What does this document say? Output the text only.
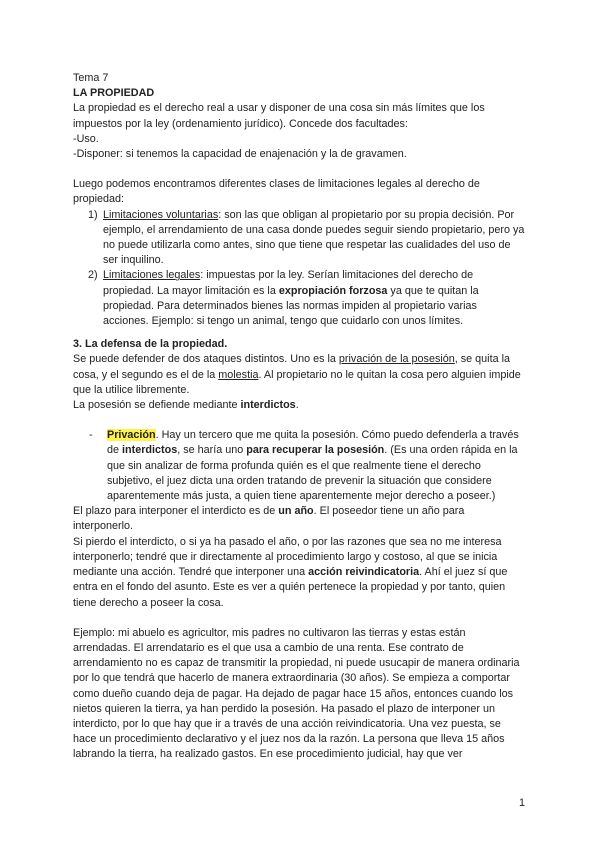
Tema 7

LA PROPIEDAD

La propiedad es el derecho real a usar y disponer de una cosa sin más límites que los impuestos por la ley (ordenamiento jurídico). Concede dos facultades:

-Uso.

-Disponer: si tenemos la capacidad de enajenación y la de gravamen.

Luego podemos encontramos diferentes clases de limitaciones legales al derecho de propiedad:

1) Limitaciones voluntarias: son las que obligan al propietario por su propia decisión. Por ejemplo, el arrendamiento de una casa donde puedes seguir siendo propietario, pero ya no puede utilizarla como antes, sino que tiene que respetar las cualidades del uso de ser inquilino.
2) Limitaciones legales: impuestas por la ley. Serían limitaciones del derecho de propiedad. La mayor limitación es la expropiación forzosa ya que te quitan la propiedad. Para determinados bienes las normas impiden al propietario varias acciones. Ejemplo: si tengo un animal, tengo que cuidarlo con unos límites.

3. La defensa de la propiedad.

Se puede defender de dos ataques distintos. Uno es la privación de la posesión, se quita la cosa, y el segundo es el de la molestia. Al propietario no le quitan la cosa pero alguien impide que la utilice libremente.

La posesión se defiende mediante interdictos.

- Privación. Hay un tercero que me quita la posesión. Cómo puedo defenderla a través de interdictos, se haría uno para recuperar la posesión. (Es una orden rápida en la que sin analizar de forma profunda quién es el que realmente tiene el derecho subjetivo, el juez dicta una orden tratando de prevenir la situación que considere aparentemente más justa, a quien tiene aparentemente mejor derecho a poseer.)

El plazo para interponer el interdicto es de un año. El poseedor tiene un año para interponerlo.

Si pierdo el interdicto, o si ya ha pasado el año, o por las razones que sea no me interesa interponerlo; tendré que ir directamente al procedimiento largo y costoso, al que se inicia mediante una acción. Tendré que interponer una acción reivindicatoria. Ahí el juez sí que entra en el fondo del asunto. Este es ver a quién pertenece la propiedad y por tanto, quien tiene derecho a poseer la cosa.

Ejemplo: mi abuelo es agricultor, mis padres no cultivaron las tierras y estas están arrendadas. El arrendatario es el que usa a cambio de una renta. Ese contrato de arrendamiento no es capaz de transmitir la propiedad, ni puede usucapir de manera ordinaria por lo que tendrá que hacerlo de manera extraordinaria (30 años). Se empieza a comportar como dueño cuando deja de pagar. Ha dejado de pagar hace 15 años, entonces cuando los nietos quieren la tierra, ya han perdido la posesión. Ha pasado el plazo de interponer un interdicto, por lo que hay que ir a través de una acción reivindicatoria. Una vez puesta, se hace un procedimiento declarativo y el juez nos da la razón. La persona que lleva 15 años labrando la tierra, ha realizado gastos. En ese procedimiento judicial, hay que ver

1
